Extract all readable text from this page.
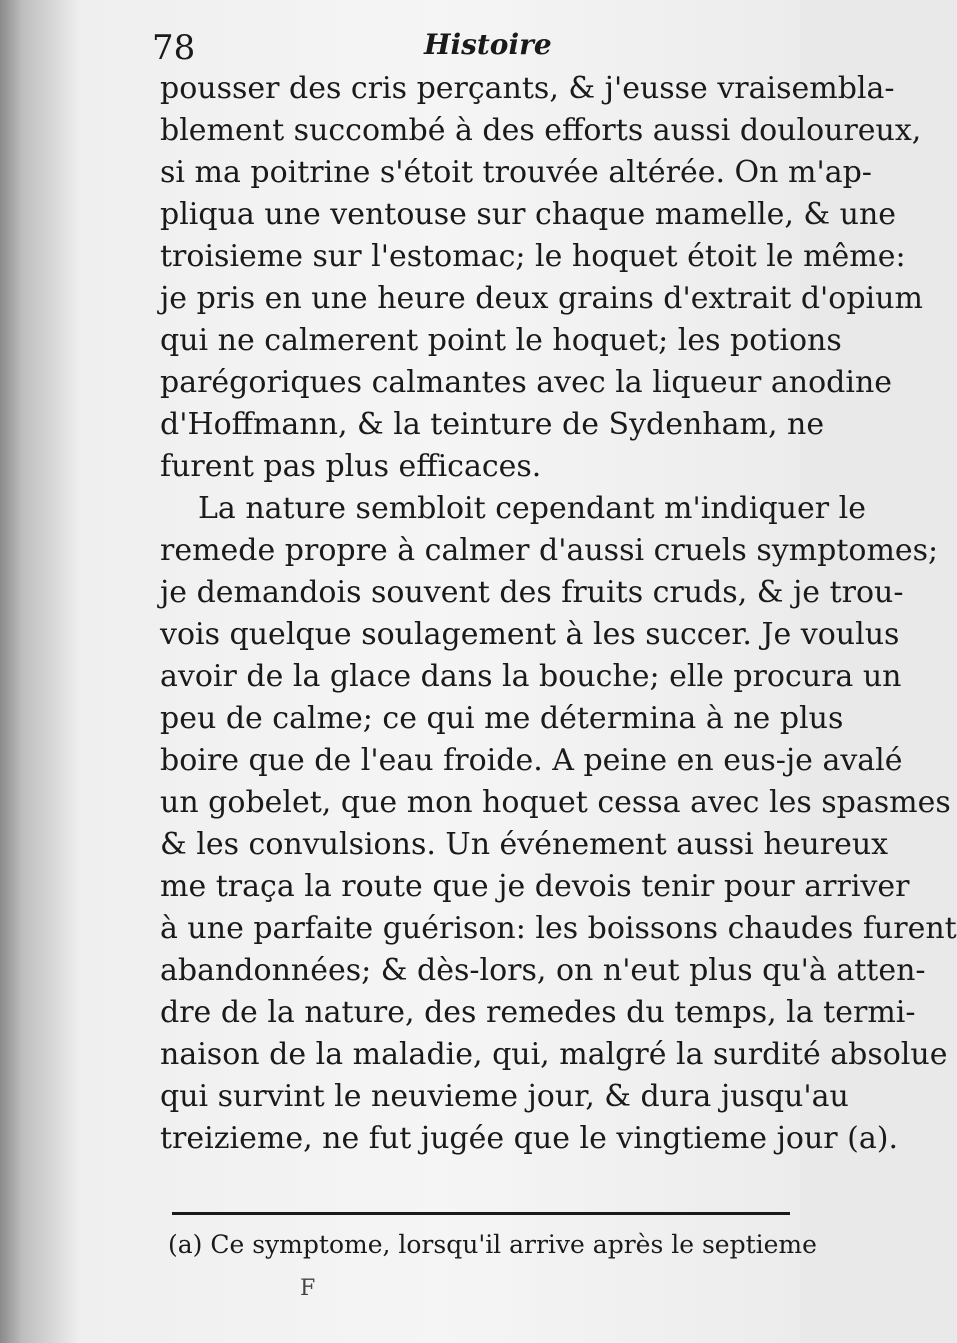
78	Histoire
pousser des cris perçants, & j'eusse vraisembla-
blement succombé à des efforts aussi douloureux,
si ma poitrine s'étoit trouvée altérée. On m'ap-
pliqua une ventouse sur chaque mamelle, & une
troisieme sur l'estomac; le hoquet étoit le même:
je pris en une heure deux grains d'extrait d'opium
qui ne calmerent point le hoquet; les potions
parégoriques calmantes avec la liqueur anodine
d'Hoffmann, & la teinture de Sydenham, ne
furent pas plus efficaces.
La nature sembloit cependant m'indiquer le
remede propre à calmer d'aussi cruels symptomes;
je demandois souvent des fruits cruds, & je trou-
vois quelque soulagement à les succer. Je voulus
avoir de la glace dans la bouche; elle procura un
peu de calme; ce qui me détermina à ne plus
boire que de l'eau froide. A peine en eus-je avalé
un gobelet, que mon hoquet cessa avec les spasmes
& les convulsions. Un événement aussi heureux
me traça la route que je devois tenir pour arriver
à une parfaite guérison: les boissons chaudes furent
abandonnées; & dès-lors, on n'eut plus qu'à atten-
dre de la nature, des remedes du temps, la termi-
naison de la maladie, qui, malgré la surdité absolue
qui survint le neuvieme jour, & dura jusqu'au
treizieme, ne fut jugée que le vingtieme jour (a).
(a) Ce symptome, lorsqu'il arrive après le septieme
F
